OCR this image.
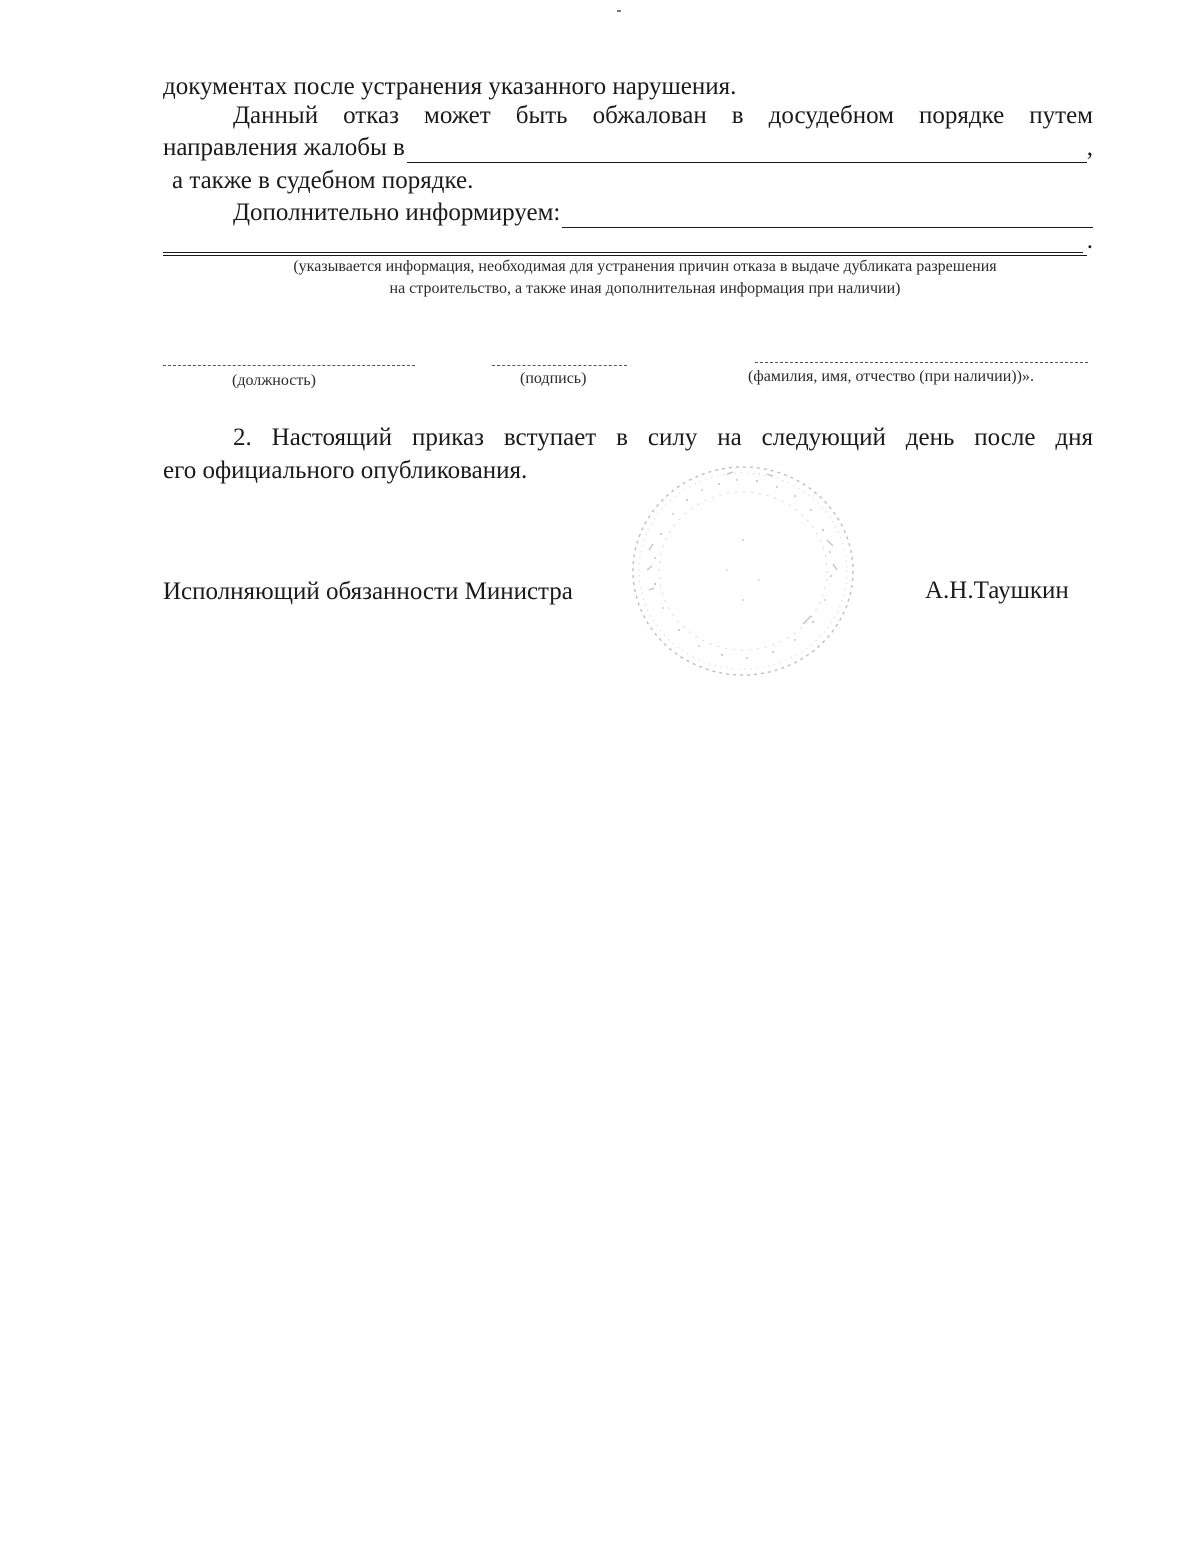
документах после устранения указанного нарушения.
Данный отказ может быть обжалован в досудебном порядке путем
направления жалобы в	,
а также в судебном порядке.
Дополнительно информируем:
.
(указывается информация, необходимая для устранения причин отказа в выдаче дубликата разрешения
на строительство, а также иная дополнительная информация при наличии)
(должность)	(подпись)	(фамилия, имя, отчество (при наличии))».
2. Настоящий приказ вступает в силу на следующий день после дня
его официального опубликования.
Исполняющий обязанности Министра	А.Н.Таушкин
